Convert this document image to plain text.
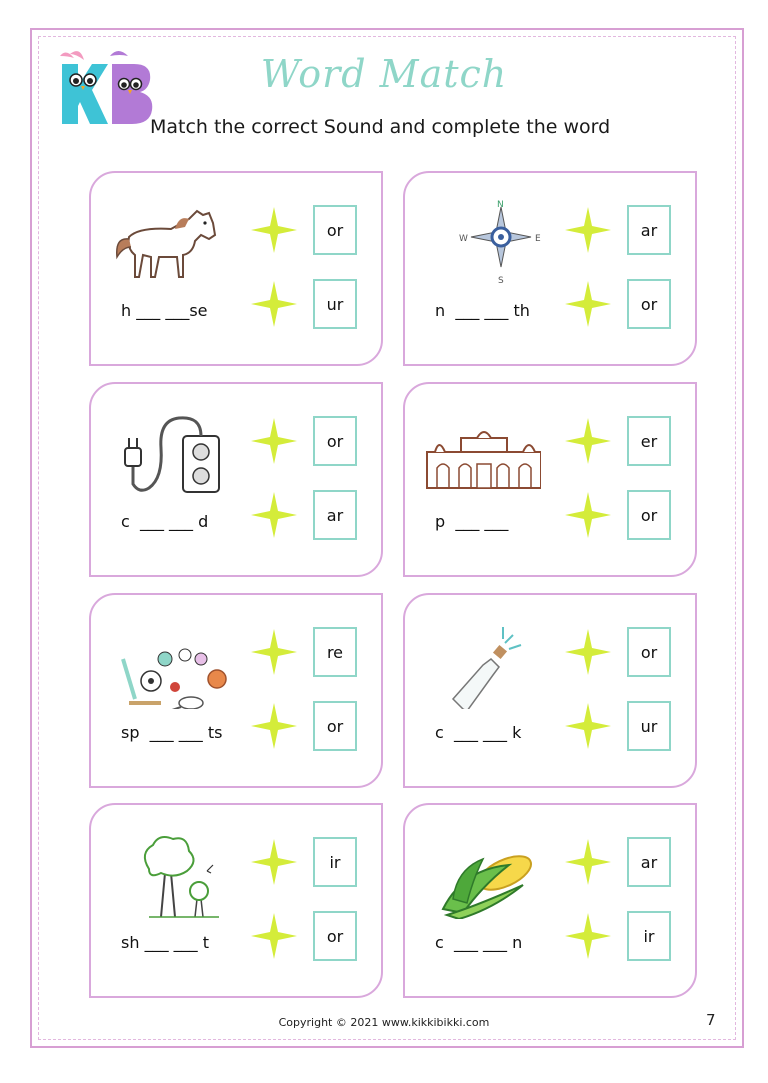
Word Match
Match the correct Sound and complete the word
h ___ ___se
or
ur
N
E
S
W
n  ___ ___ th
ar
or
c  ___ ___ d
or
ar	p  ___ ___
er
or
sp  ___ ___ ts
re
or	c  ___ ___ k
or
ur
sh ___ ___ t
ir
or	c  ___ ___ n
ar
ir
Copyright © 2021 www.kikkibikki.com	7
